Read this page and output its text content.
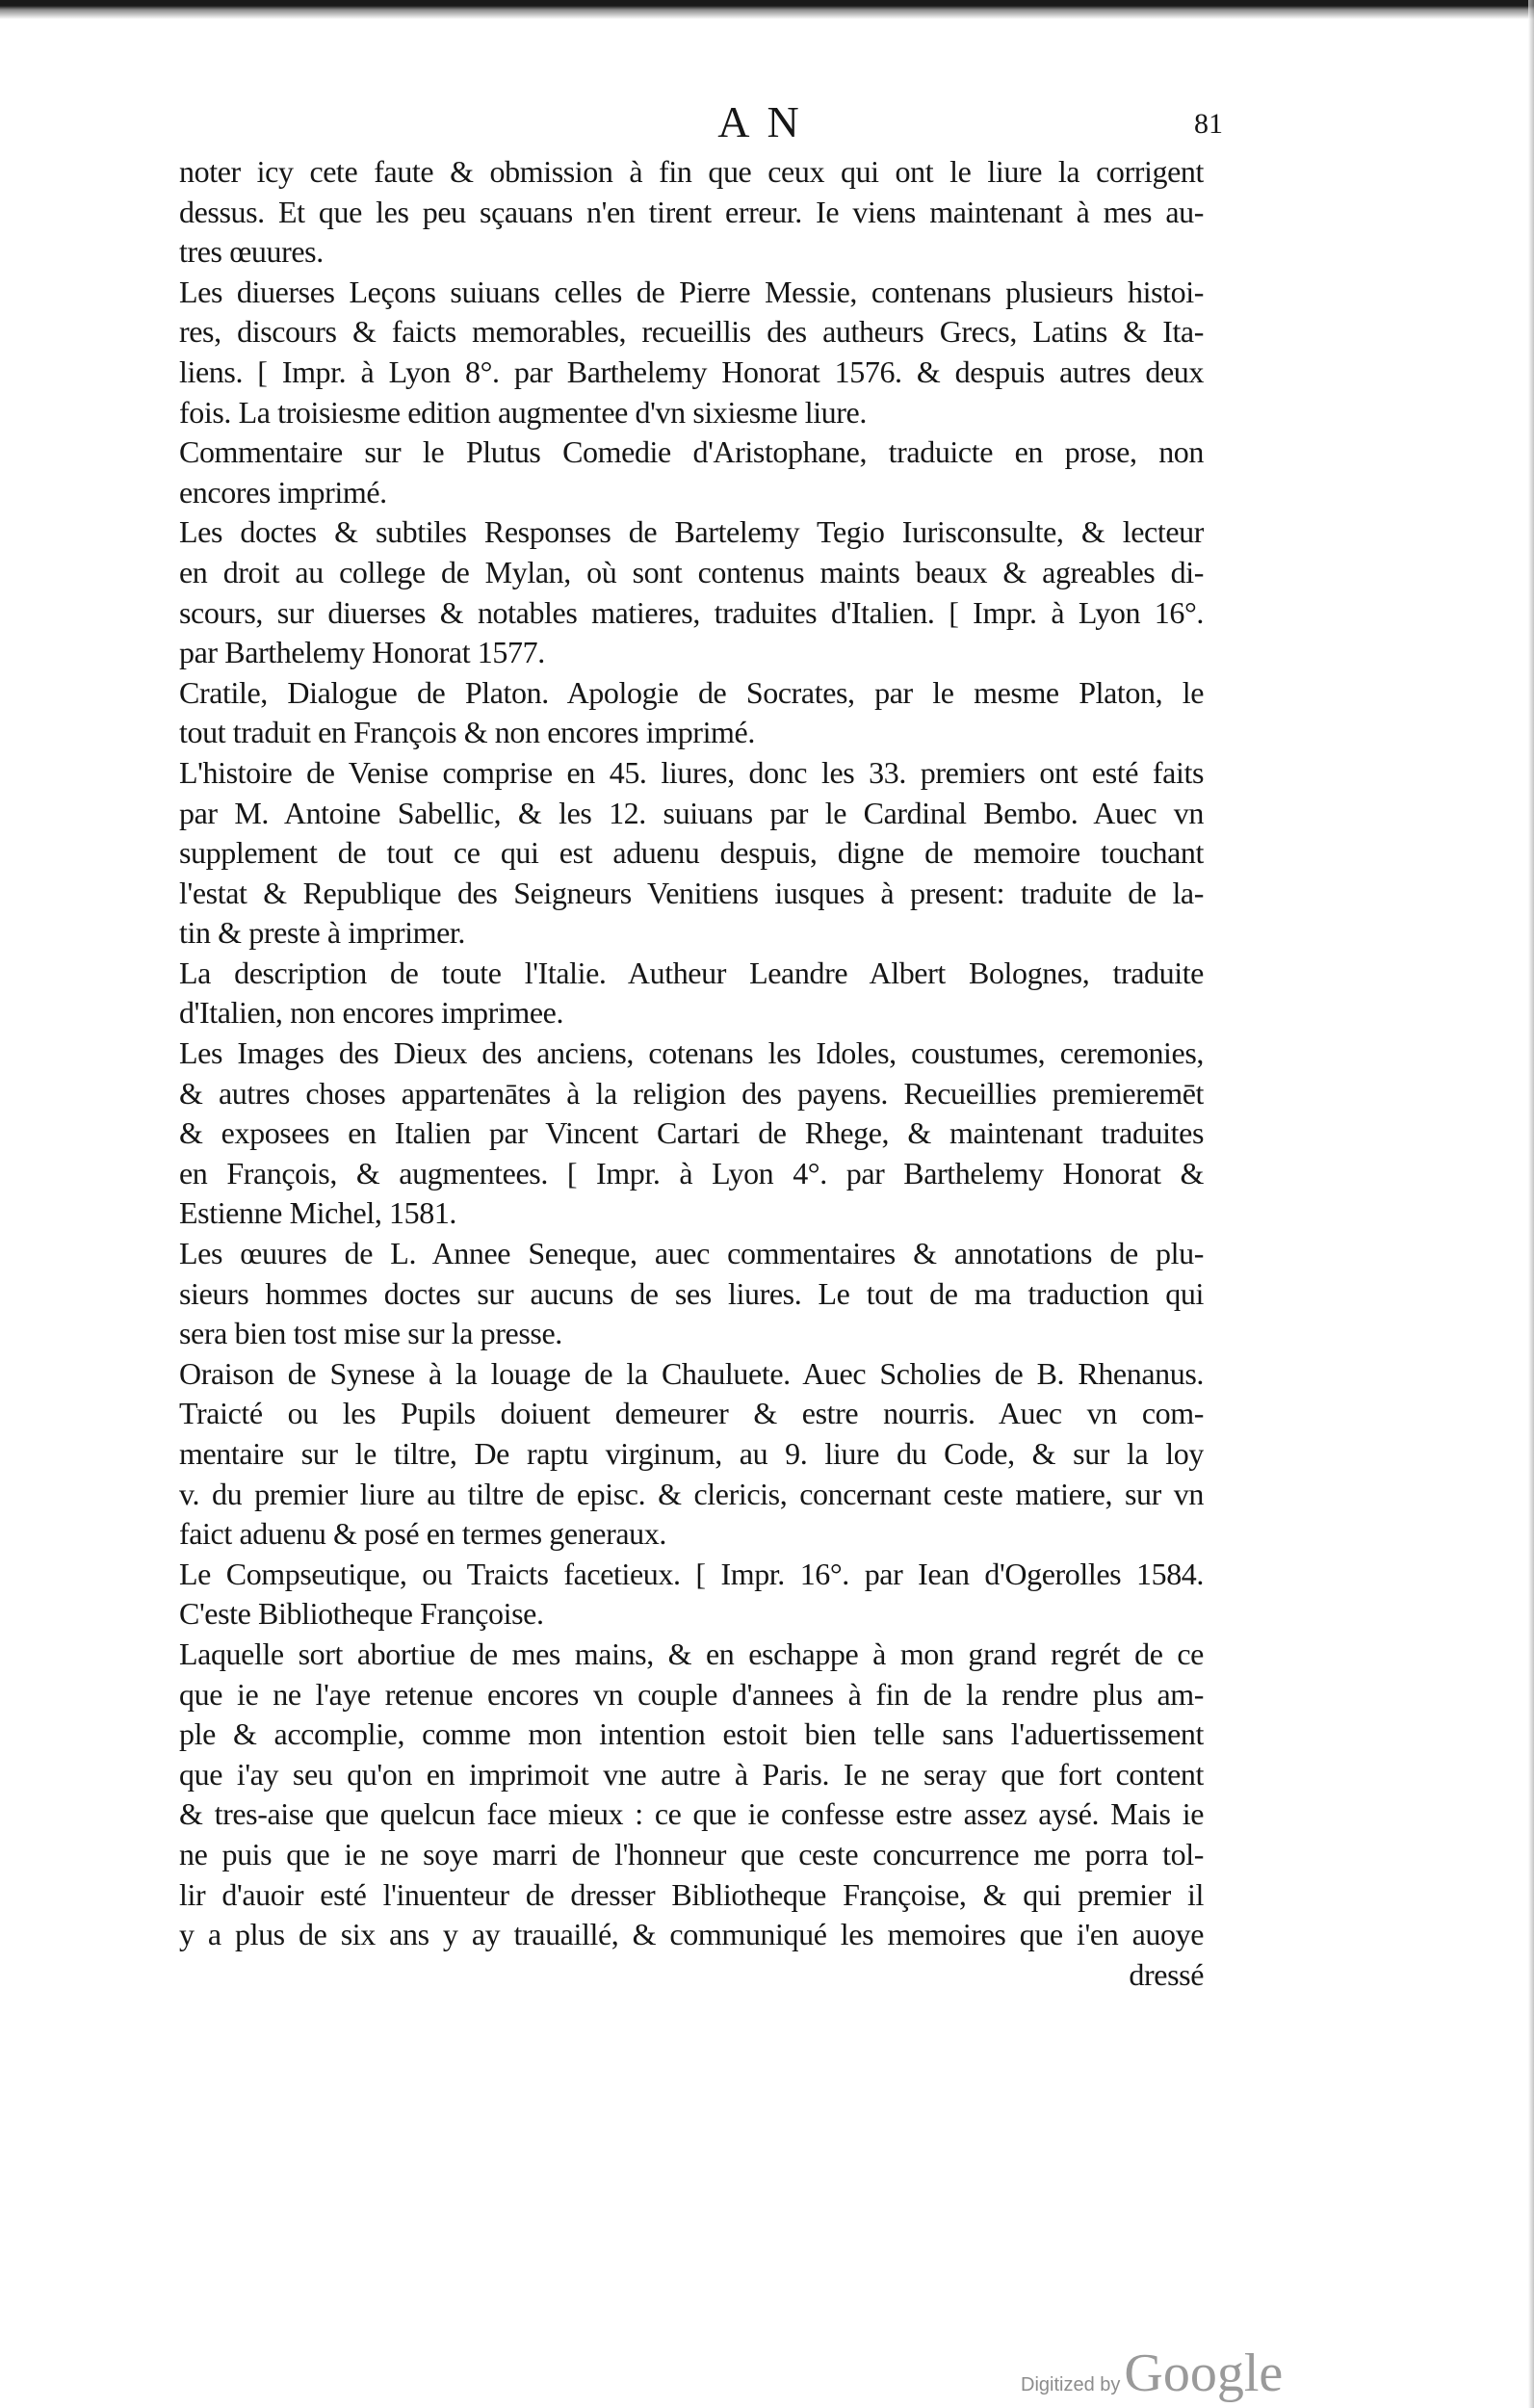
AN	81
noter icy cete faute & obmission à fin que ceux qui ont le liure la corrigent
dessus. Et que les peu sçauans n'en tirent erreur. Ie viens maintenant à mes au-
tres œuures.
Les diuerses Leçons suiuans celles de Pierre Messie, contenans plusieurs histoi-
res, discours & faicts memorables, recueillis des autheurs Grecs, Latins & Ita-
liens. [ Impr. à Lyon 8°. par Barthelemy Honorat 1576. & despuis autres deux
fois. La troisiesme edition augmentee d'vn sixiesme liure.
Commentaire sur le Plutus Comedie d'Aristophane, traduicte en prose, non
encores imprimé.
Les doctes & subtiles Responses de Bartelemy Tegio Iurisconsulte, & lecteur
en droit au college de Mylan, où sont contenus maints beaux & agreables di-
scours, sur diuerses & notables matieres, traduites d'Italien. [ Impr. à Lyon 16°.
par Barthelemy Honorat 1577.
Cratile, Dialogue de Platon. Apologie de Socrates, par le mesme Platon, le
tout traduit en François & non encores imprimé.
L'histoire de Venise comprise en 45. liures, donc les 33. premiers ont esté faits
par M. Antoine Sabellic, & les 12. suiuans par le Cardinal Bembo. Auec vn
supplement de tout ce qui est aduenu despuis, digne de memoire touchant
l'estat & Republique des Seigneurs Venitiens iusques à present: traduite de la-
tin & preste à imprimer.
La description de toute l'Italie. Autheur Leandre Albert Bolognes, traduite
d'Italien, non encores imprimee.
Les Images des Dieux des anciens, cotenans les Idoles, coustumes, ceremonies,
& autres choses appartenātes à la religion des payens. Recueillies premieremēt
& exposees en Italien par Vincent Cartari de Rhege, & maintenant traduites
en François, & augmentees. [ Impr. à Lyon 4°. par Barthelemy Honorat &
Estienne Michel, 1581.
Les œuures de L. Annee Seneque, auec commentaires & annotations de plu-
sieurs hommes doctes sur aucuns de ses liures. Le tout de ma traduction qui
sera bien tost mise sur la presse.
Oraison de Synese à la louage de la Chauluete. Auec Scholies de B. Rhenanus.
Traicté ou les Pupils doiuent demeurer & estre nourris. Auec vn com-
mentaire sur le tiltre, De raptu virginum, au 9. liure du Code, & sur la loy
v. du premier liure au tiltre de episc. & clericis, concernant ceste matiere, sur vn
faict aduenu & posé en termes generaux.
Le Compseutique, ou Traicts facetieux. [ Impr. 16°. par Iean d'Ogerolles 1584.
C'este Bibliotheque Françoise.
Laquelle sort abortiue de mes mains, & en eschappe à mon grand regrét de ce
que ie ne l'aye retenue encores vn couple d'annees à fin de la rendre plus am-
ple & accomplie, comme mon intention estoit bien telle sans l'aduertissement
que i'ay seu qu'on en imprimoit vne autre à Paris. Ie ne seray que fort content
& tres-aise que quelcun face mieux : ce que ie confesse estre assez aysé. Mais ie
ne puis que ie ne soye marri de l'honneur que ceste concurrence me porra tol-
lir d'auoir esté l'inuenteur de dresser Bibliotheque Françoise, & qui premier il
y a plus de six ans y ay trauaillé, & communiqué les memoires que i'en auoye
dressé
Digitized by Google
